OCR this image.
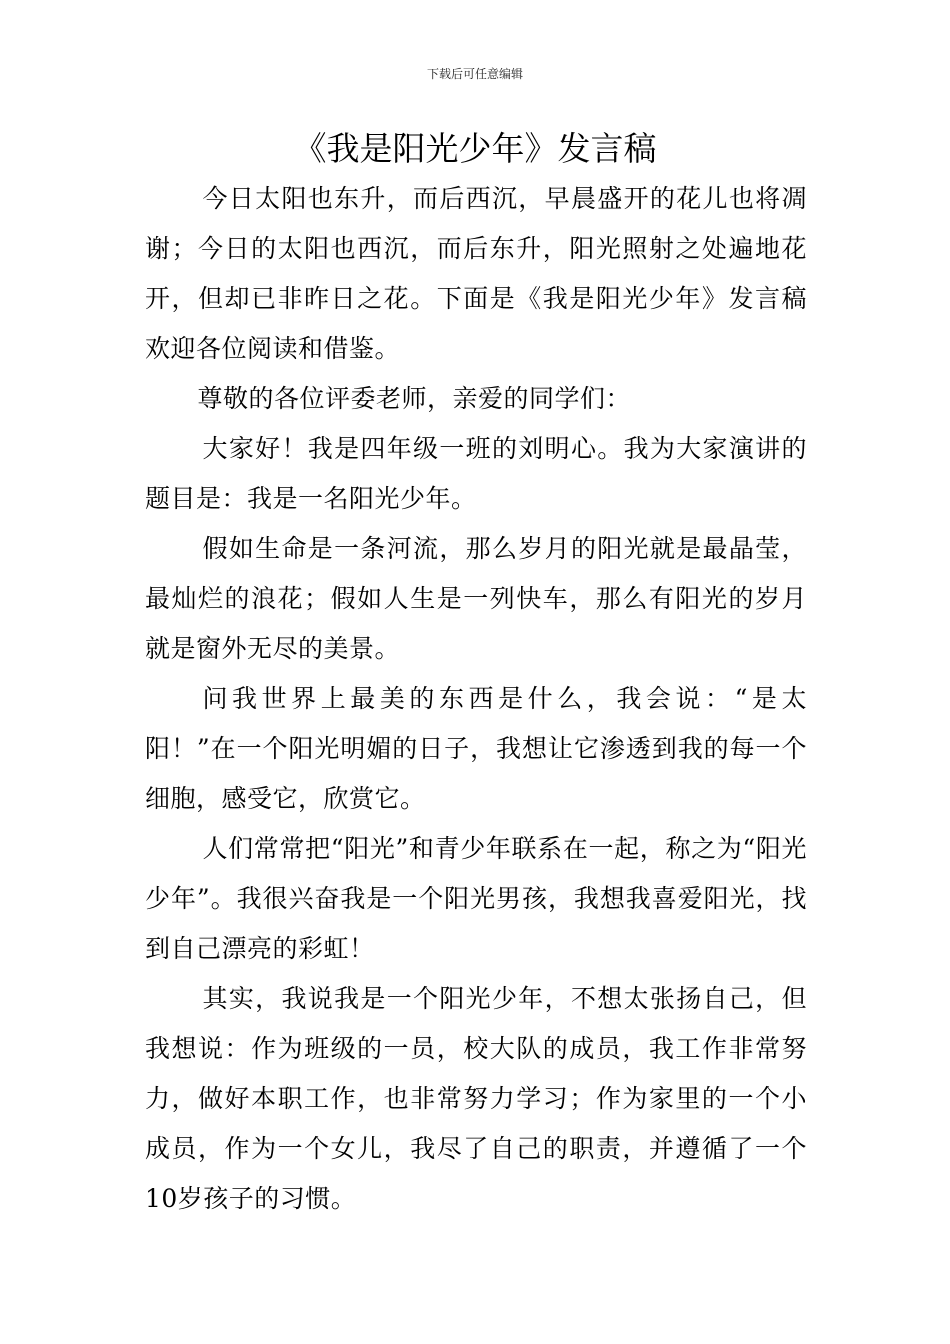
下载后可任意编辑
《我是阳光少年》发言稿

今日太阳也东升，而后西沉，早晨盛开的花儿也将凋谢；今日的太阳也西沉，而后东升，阳光照射之处遍地花开，但却已非昨日之花。下面是《我是阳光少年》发言稿欢迎各位阅读和借鉴。

尊敬的各位评委老师，亲爱的同学们：

大家好！我是四年级一班的刘明心。我为大家演讲的题目是：我是一名阳光少年。

假如生命是一条河流，那么岁月的阳光就是最晶莹，最灿烂的浪花；假如人生是一列快车，那么有阳光的岁月就是窗外无尽的美景。

问我世界上最美的东西是什么，我会说：“是太阳！”在一个阳光明媚的日子，我想让它渗透到我的每一个细胞，感受它，欣赏它。

人们常常把“阳光”和青少年联系在一起，称之为“阳光少年”。我很兴奋我是一个阳光男孩，我想我喜爱阳光，找到自己漂亮的彩虹！

其实，我说我是一个阳光少年，不想太张扬自己，但我想说：作为班级的一员，校大队的成员，我工作非常努力，做好本职工作，也非常努力学习；作为家里的一个小成员，作为一个女儿，我尽了自己的职责，并遵循了一个10岁孩子的习惯。
